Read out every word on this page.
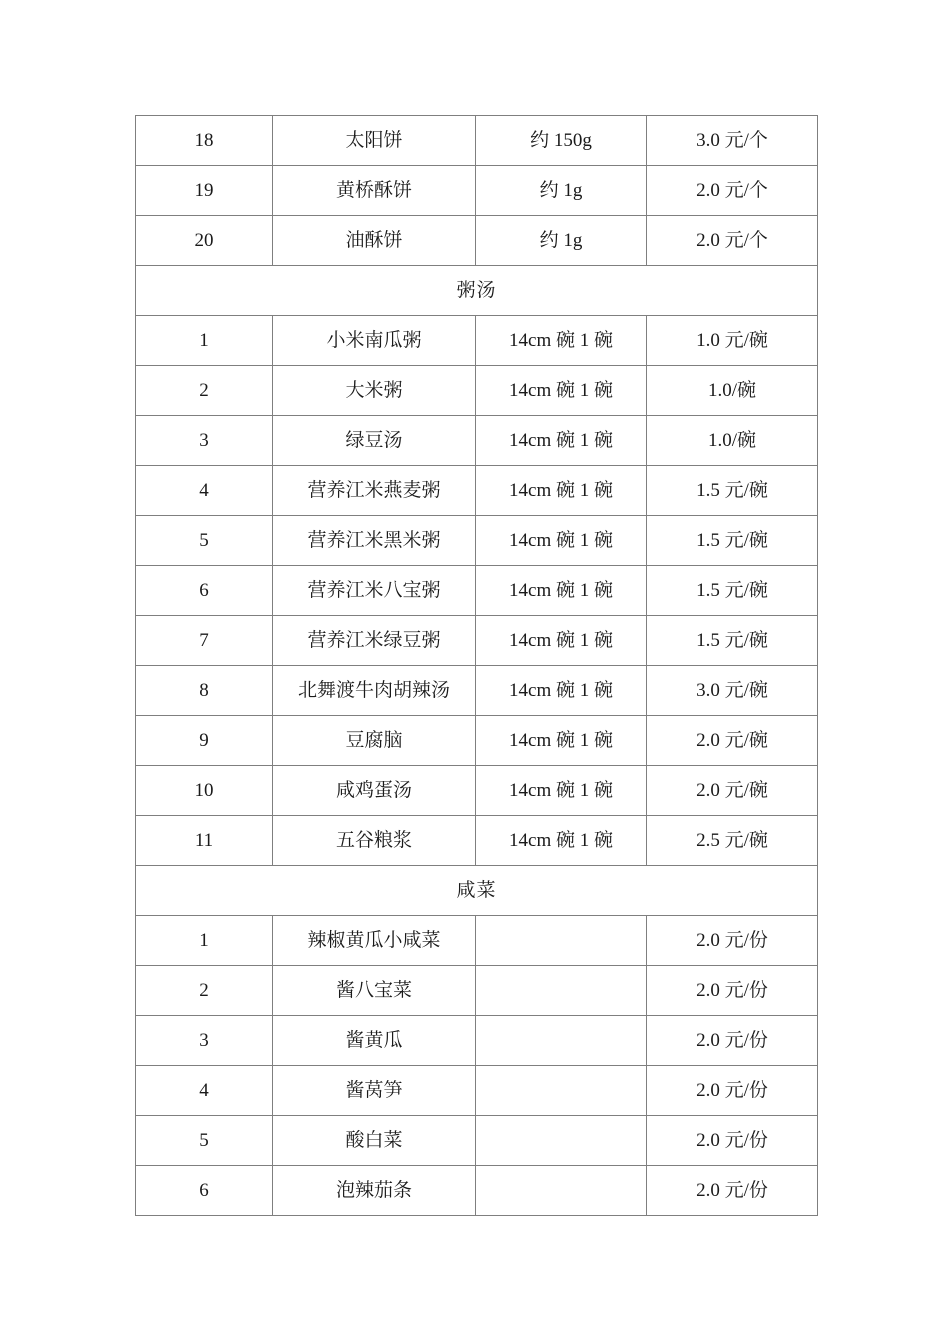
18	太阳饼	约 150g	3.0 元/个
19	黄桥酥饼	约 1g	2.0 元/个
20	油酥饼	约 1g	2.0 元/个
粥汤			
1	小米南瓜粥	14cm 碗 1 碗	1.0 元/碗
2	大米粥	14cm 碗 1 碗	1.0/碗
3	绿豆汤	14cm 碗 1 碗	1.0/碗
4	营养江米燕麦粥	14cm 碗 1 碗	1.5 元/碗
5	营养江米黑米粥	14cm 碗 1 碗	1.5 元/碗
6	营养江米八宝粥	14cm 碗 1 碗	1.5 元/碗
7	营养江米绿豆粥	14cm 碗 1 碗	1.5 元/碗
8	北舞渡牛肉胡辣汤	14cm 碗 1 碗	3.0 元/碗
9	豆腐脑	14cm 碗 1 碗	2.0 元/碗
10	咸鸡蛋汤	14cm 碗 1 碗	2.0 元/碗
11	五谷粮浆	14cm 碗 1 碗	2.5 元/碗
咸菜			
1	辣椒黄瓜小咸菜		2.0 元/份
2	酱八宝菜		2.0 元/份
3	酱黄瓜		2.0 元/份
4	酱莴笋		2.0 元/份
5	酸白菜		2.0 元/份
6	泡辣茄条		2.0 元/份
